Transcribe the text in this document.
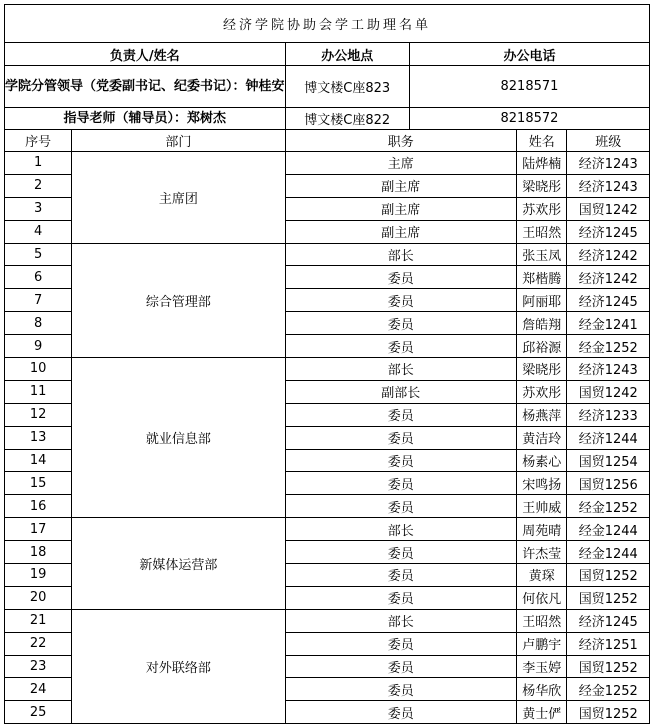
经济学院协助会学工助理名单					
负责人/姓名		办公地点	办公电话		
学院分管领导（党委副书记、纪委书记）：钟桂安		博文楼C座823	8218571		
指导老师（辅导员）：郑树杰		博文楼C座822	8218572		
序号	部门	职务		姓名	班级
1	主席团	主席		陆烨楠	经济1243
2		副主席		梁晓彤	经济1243
3		副主席		苏欢彤	国贸1242
4		副主席		王昭然	经济1245
5	综合管理部	部长		张玉凤	经济1242
6		委员		郑楷腾	经济1242
7		委员		阿丽耶	经济1245
8		委员		詹皓翔	经金1241
9		委员		邱裕源	经金1252
10	就业信息部	部长		梁晓彤	经济1243
11		副部长		苏欢彤	国贸1242
12		委员		杨燕萍	经济1233
13		委员		黄洁玲	经济1244
14		委员		杨素心	国贸1254
15		委员		宋鸣扬	国贸1256
16		委员		王帅威	经金1252
17	新媒体运营部	部长		周苑晴	经金1244
18		委员		许杰莹	经金1244
19		委员		黄琛	国贸1252
20		委员		何依凡	国贸1252
21	对外联络部	部长		王昭然	经济1245
22		委员		卢鹏宇	经济1251
23		委员		李玉婷	国贸1252
24		委员		杨华欣	经金1252
25		委员		黄士俨	国贸1252
